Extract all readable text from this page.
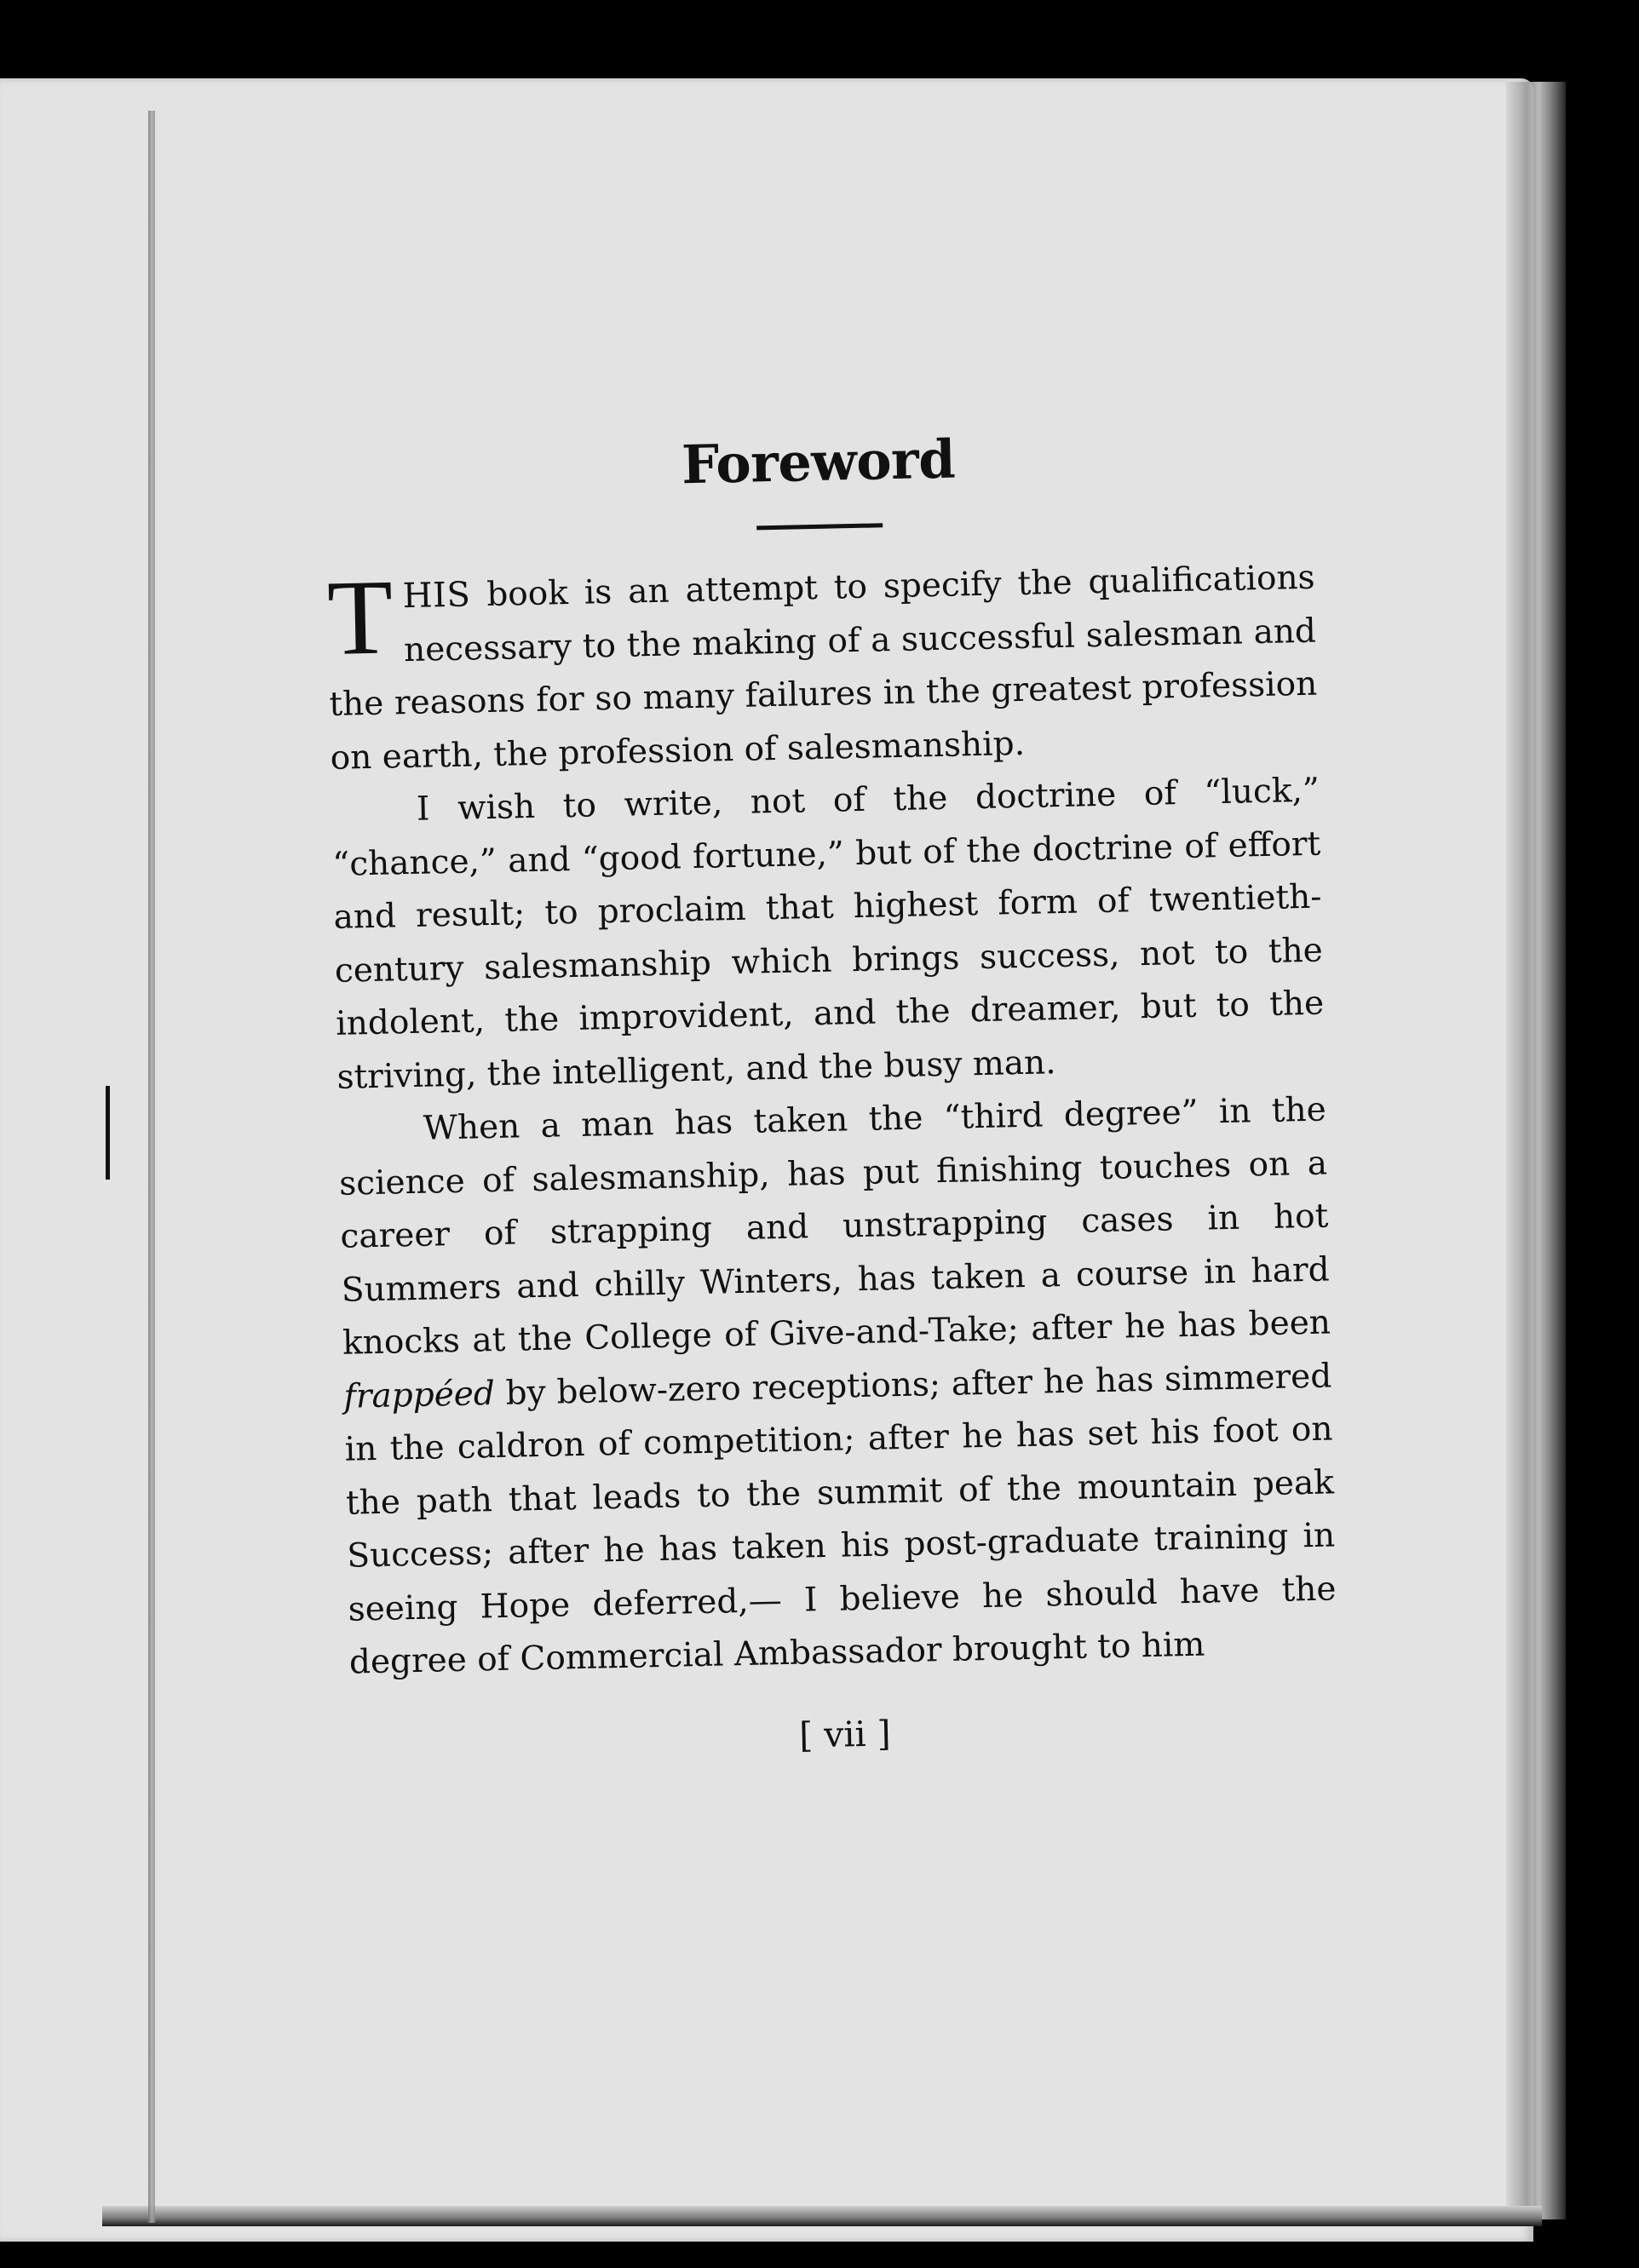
Foreword

THIS book is an attempt to specify the qualifications necessary to the making of a successful salesman and the reasons for so many failures in the greatest profession on earth, the profession of salesmanship.

I wish to write, not of the doctrine of “luck,” “chance,” and “good fortune,” but of the doctrine of effort and result; to proclaim that highest form of twentieth-century salesmanship which brings success, not to the indolent, the improvident, and the dreamer, but to the striving, the intelligent, and the busy man.

When a man has taken the “third degree” in the science of salesmanship, has put finishing touches on a career of strapping and unstrapping cases in hot Summers and chilly Winters, has taken a course in hard knocks at the College of Give-and-Take; after he has been frappéed by below-zero receptions; after he has simmered in the caldron of competition; after he has set his foot on the path that leads to the summit of the mountain peak Success; after he has taken his post-graduate training in seeing Hope deferred,— I believe he should have the degree of Commercial Ambassador brought to him

[ vii ]
